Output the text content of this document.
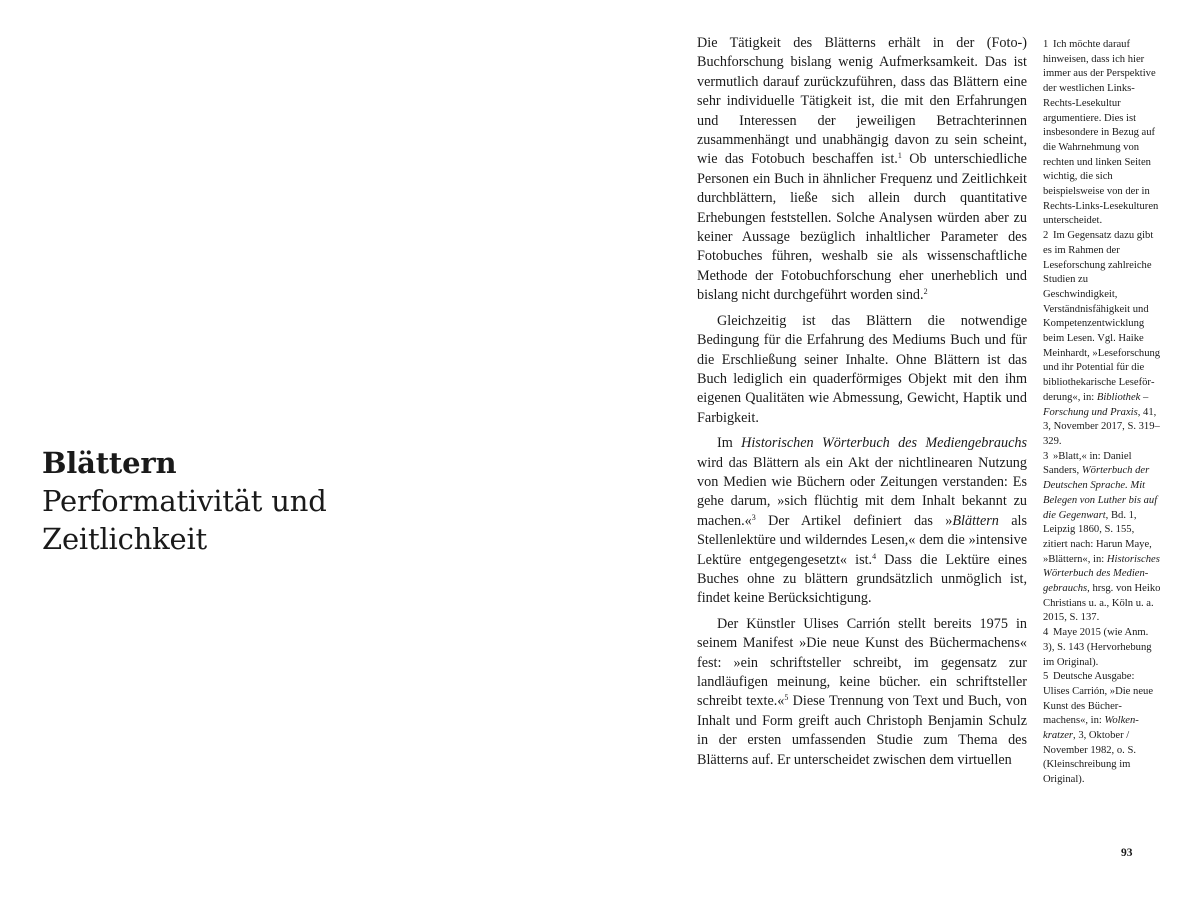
Blättern
Performativität und
Zeitlichkeit

Die Tätigkeit des Blätterns erhält in der (Foto-) Buchforschung bislang wenig Aufmerksamkeit. Das ist vermutlich darauf zurückzuführen, dass das Blättern eine sehr individuelle Tätigkeit ist, die mit den Erfahrungen und Interessen der jeweiligen Betrachterinnen zusammenhängt und unabhängig davon zu sein scheint, wie das Fotobuch beschaffen ist.$^1$ Ob unterschiedliche Personen ein Buch in ähnlicher Frequenz und Zeitlichkeit durchblättern, ließe sich allein durch quantitative Erhebungen feststellen. Solche Analysen würden aber zu keiner Aussage bezüglich inhaltlicher Parameter des Fotobuches führen, weshalb sie als wissenschaftliche Methode der Fotobuchforschung eher unerheblich und bislang nicht durchgeführt worden sind.$^2$

Gleichzeitig ist das Blättern die notwendige Bedingung für die Erfahrung des Mediums Buch und für die Erschließung seiner Inhalte. Ohne Blättern ist das Buch lediglich ein quaderförmiges Objekt mit den ihm eigenen Qualitäten wie Abmessung, Gewicht, Haptik und Farbigkeit.

Im Historischen Wörterbuch des Mediengebrauchs wird das Blättern als ein Akt der nichtlinearen Nutzung von Medien wie Büchern oder Zeitungen verstanden: Es gehe darum, »sich flüchtig mit dem Inhalt bekannt zu machen.«$^3$ Der Artikel definiert das »Blättern als Stellenlektüre und wilderndes Lesen,« dem die »intensive Lektüre entgegengesetzt« ist.$^4$ Dass die Lektüre eines Buches ohne zu blättern grundsätzlich unmöglich ist, findet keine Berücksichtigung.

Der Künstler Ulises Carrión stellt bereits 1975 in seinem Manifest »Die neue Kunst des Büchermachens« fest: »ein schriftsteller schreibt, im gegensatz zur landläufigen meinung, keine bücher. ein schriftsteller schreibt texte.«$^5$ Diese Trennung von Text und Buch, von Inhalt und Form greift auch Christoph Benjamin Schulz in der ersten umfassenden Studie zum Thema des Blätterns auf. Er unterscheidet zwischen dem virtuellen

1 Ich möchte darauf hinweisen, dass ich hier immer aus der Perspektive der westlichen Links-Rechts-Lesekultur argumentiere. Dies ist insbesondere in Bezug auf die Wahrnehmung von rechten und linken Seiten wichtig, die sich beispielsweise von der in Rechts-Links-Lesekulturen unterscheidet.

2 Im Gegensatz dazu gibt es im Rahmen der Leseforschung zahlreiche Studien zu Geschwindigkeit, Verständnisfähigkeit und Kompetenzentwicklung beim Lesen. Vgl. Haike Meinhardt, »Leseforschung und ihr Potential für die bibliothekarische Leseförderung«, in: Bibliothek – Forschung und Praxis, 41, 3, November 2017, S. 319–329.

3 »Blatt,« in: Daniel Sanders, Wörterbuch der Deutschen Sprache. Mit Belegen von Luther bis auf die Gegenwart, Bd. 1, Leipzig 1860, S. 155, zitiert nach: Harun Maye, »Blättern«, in: Historisches Wörterbuch des Mediengebrauchs, hrsg. von Heiko Christians u. a., Köln u. a. 2015, S. 137.

4 Maye 2015 (wie Anm. 3), S. 143 (Hervorhebung im Original).

5 Deutsche Ausgabe: Ulises Carrión, »Die neue Kunst des Büchermachens«, in: Wolkenkratzer, 3, Oktober / November 1982, o. S. (Kleinschreibung im Original).

93
